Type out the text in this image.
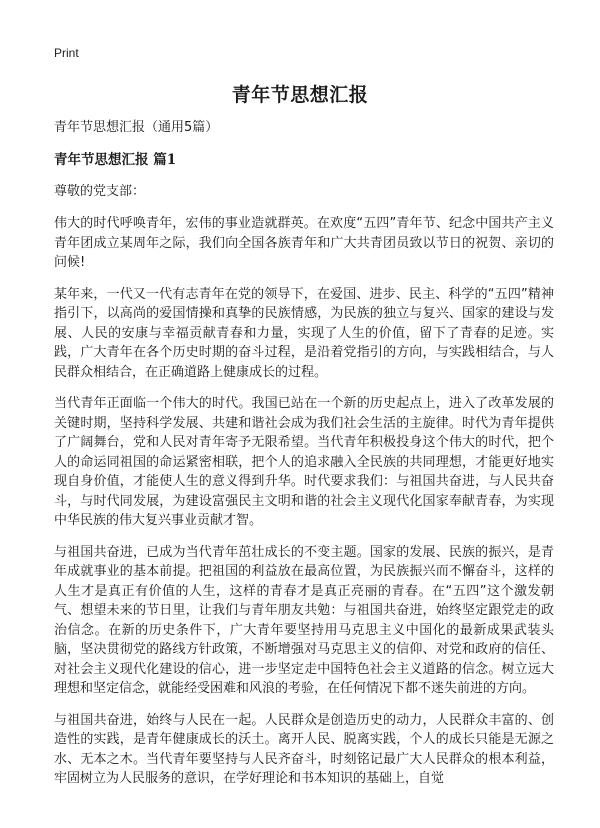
Print
青年节思想汇报

青年节思想汇报（通用5篇）

青年节思想汇报 篇1

尊敬的党支部：

伟大的时代呼唤青年，宏伟的事业造就群英。在欢度“五四”青年节、纪念中国共产主义青年团成立某周年之际，我们向全国各族青年和广大共青团员致以节日的祝贺、亲切的问候!

某年来，一代又一代有志青年在党的领导下，在爱国、进步、民主、科学的“五四”精神指引下，以高尚的爱国情操和真挚的民族情感，为民族的独立与复兴、国家的建设与发展、人民的安康与幸福贡献青春和力量，实现了人生的价值，留下了青春的足迹。实践，广大青年在各个历史时期的奋斗过程，是沿着党指引的方向，与实践相结合，与人民群众相结合，在正确道路上健康成长的过程。

当代青年正面临一个伟大的时代。我国已站在一个新的历史起点上，进入了改革发展的关键时期，坚持科学发展、共建和谐社会成为我们社会生活的主旋律。时代为青年提供了广阔舞台，党和人民对青年寄予无限希望。当代青年积极投身这个伟大的时代，把个人的命运同祖国的命运紧密相联，把个人的追求融入全民族的共同理想，才能更好地实现自身价值，才能使人生的意义得到升华。时代要求我们：与祖国共奋进，与人民共奋斗，与时代同发展，为建设富强民主文明和谐的社会主义现代化国家奉献青春，为实现中华民族的伟大复兴事业贡献才智。

与祖国共奋进，已成为当代青年茁壮成长的不变主题。国家的发展、民族的振兴，是青年成就事业的基本前提。把祖国的利益放在最高位置，为民族振兴而不懈奋斗，这样的人生才是真正有价值的人生，这样的青春才是真正亮丽的青春。在“五四”这个激发朝气、想望未来的节日里，让我们与青年朋友共勉：与祖国共奋进，始终坚定跟党走的政治信念。在新的历史条件下，广大青年要坚持用马克思主义中国化的最新成果武装头脑，坚决贯彻党的路线方针政策，不断增强对马克思主义的信仰、对党和政府的信任、对社会主义现代化建设的信心，进一步坚定走中国特色社会主义道路的信念。树立远大理想和坚定信念，就能经受困难和风浪的考验，在任何情况下都不迷失前进的方向。

与祖国共奋进，始终与人民在一起。人民群众是创造历史的动力，人民群众丰富的、创造性的实践，是青年健康成长的沃土。离开人民、脱离实践，个人的成长只能是无源之水、无本之木。当代青年要坚持与人民齐奋斗，时刻铭记最广大人民群众的根本利益，牢固树立为人民服务的意识，在学好理论和书本知识的基础上，自觉
